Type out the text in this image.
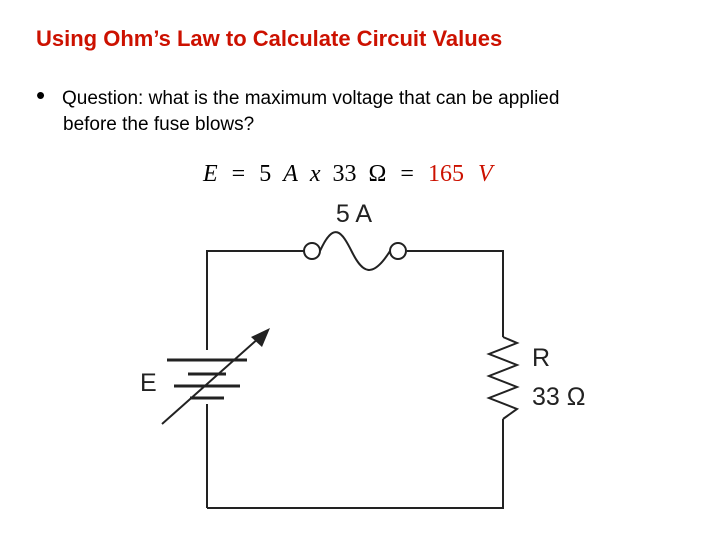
Using Ohm’s Law to Calculate Circuit Values
• Question: what is the maximum voltage that can be applied
before the fuse blows?
E = 5 A x 33 Ω = 165 V
5 A
E
R
33 Ω
